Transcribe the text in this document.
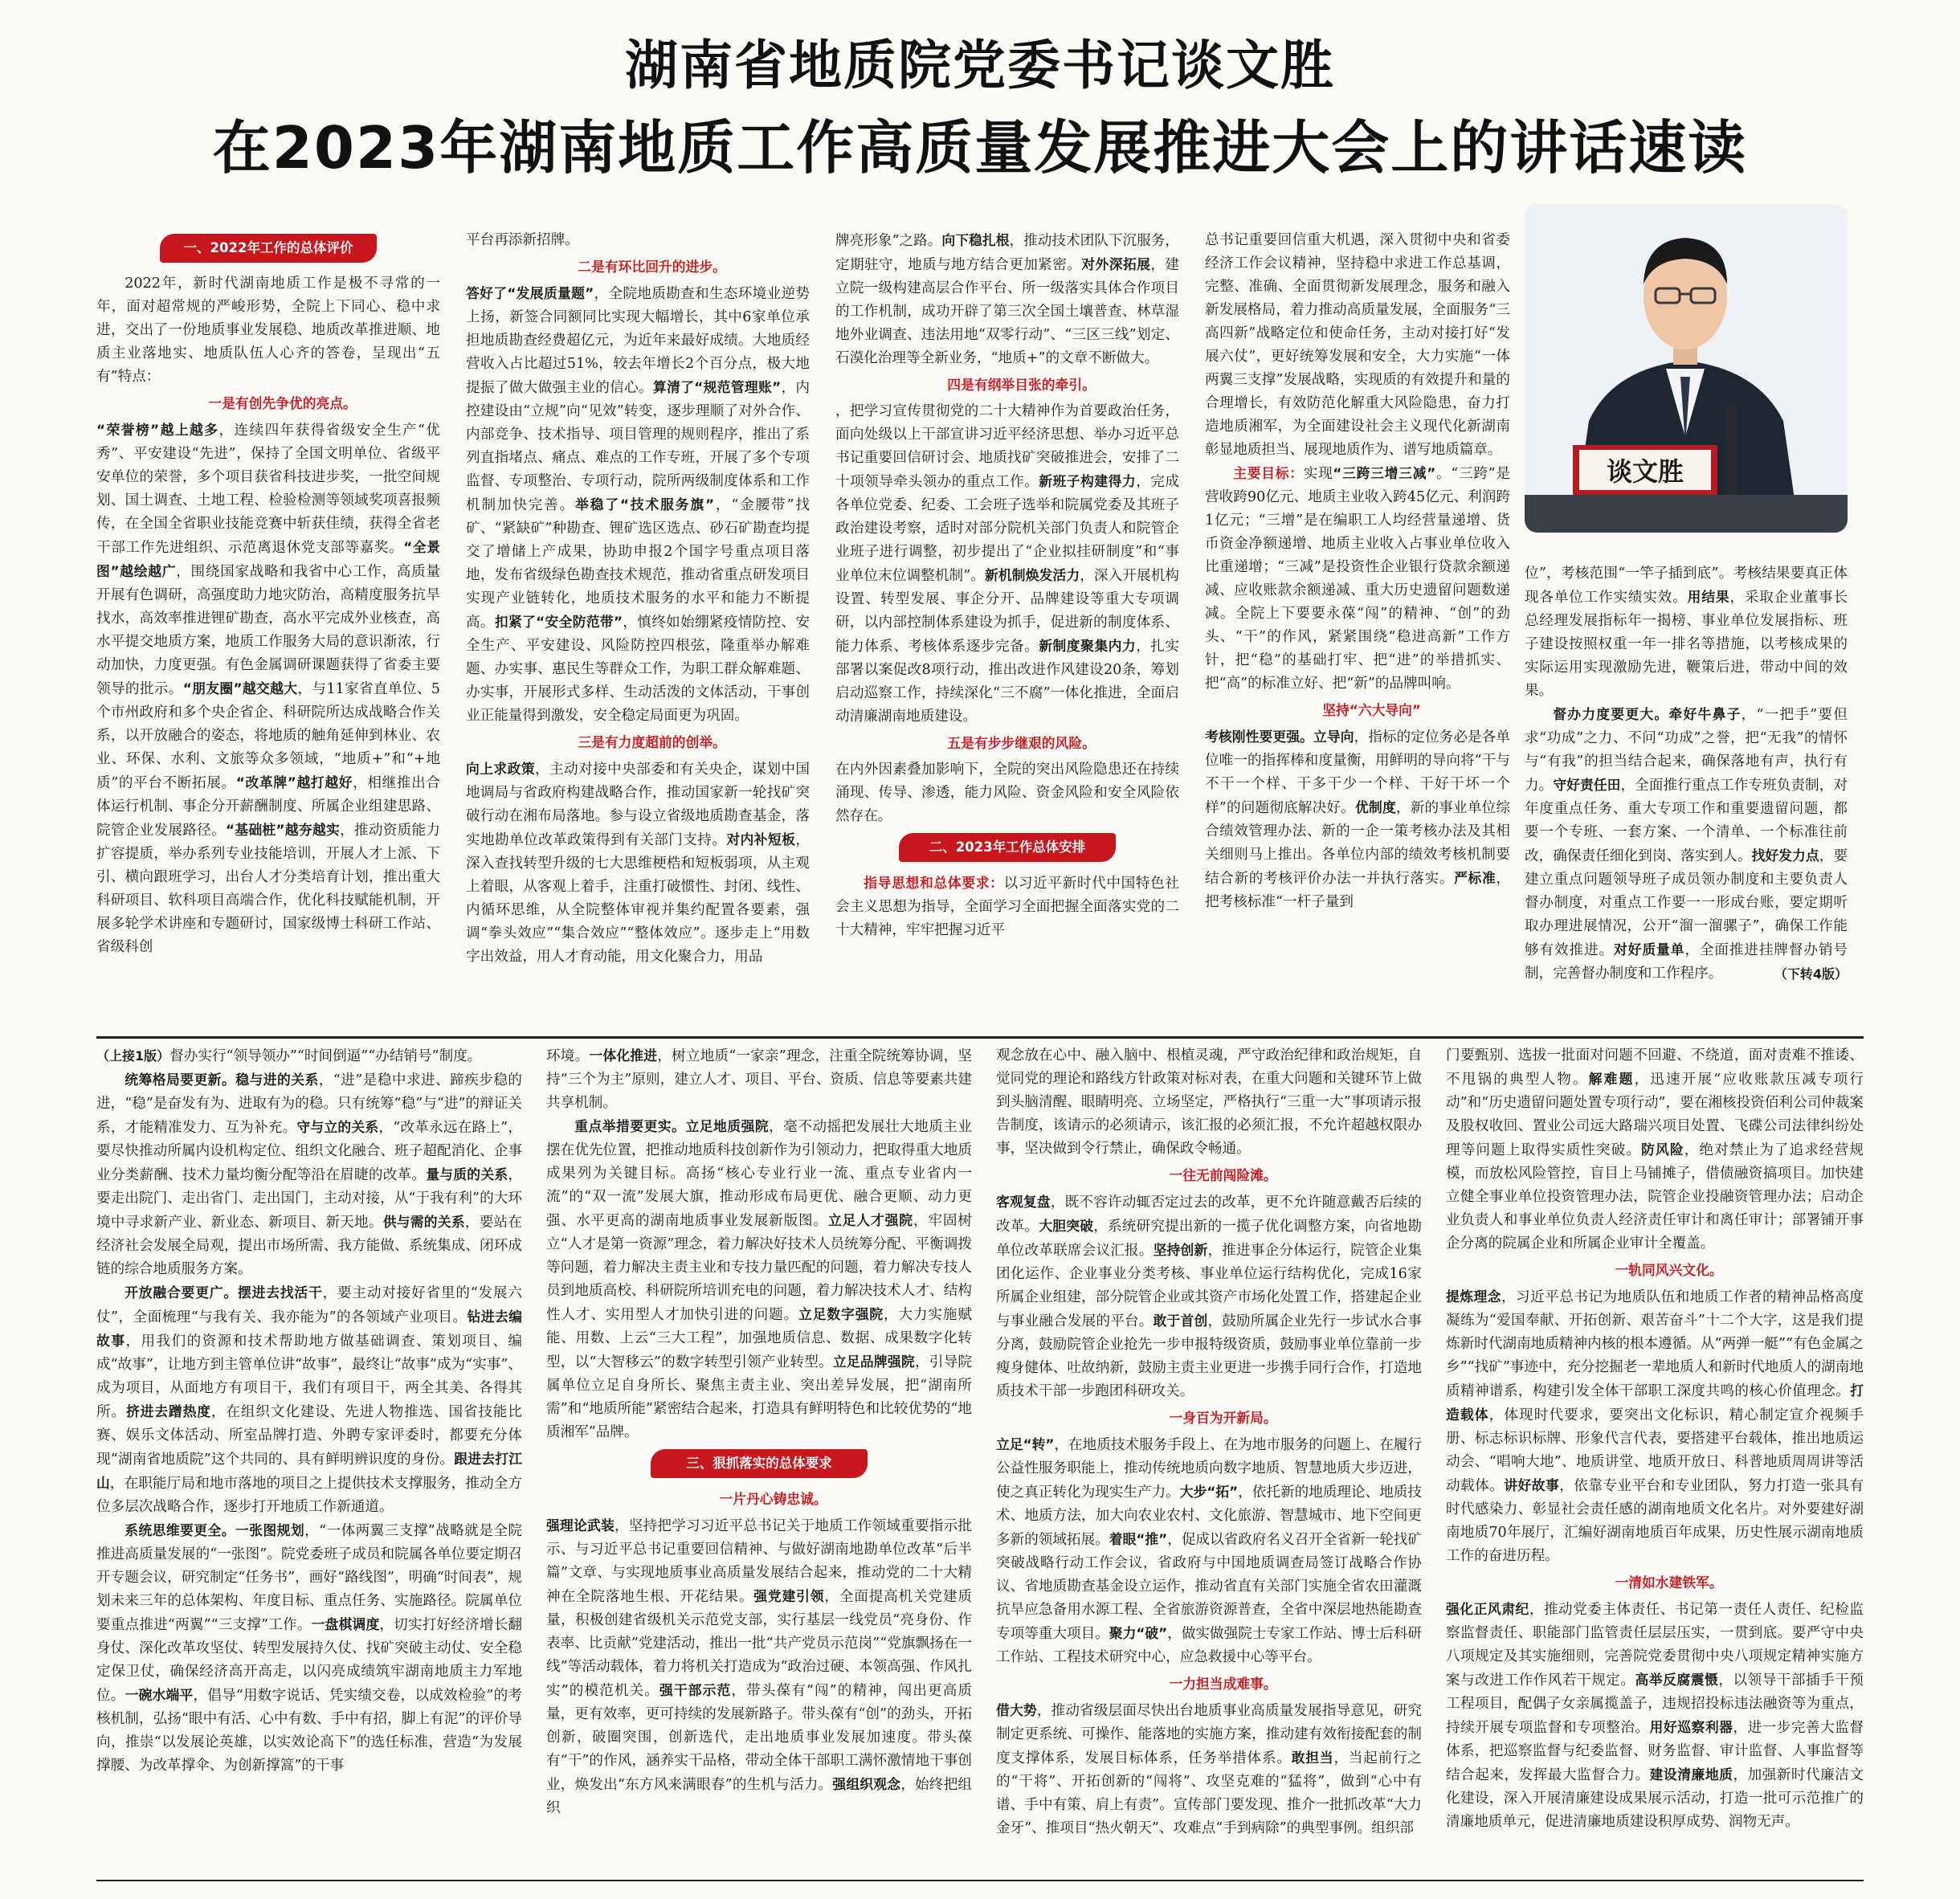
湖南省地质院党委书记谈文胜
在2023年湖南地质工作高质量发展推进大会上的讲话速读
一、2022年工作的总体评价

2022年，新时代湖南地质工作是极不寻常的一年，面对超常规的严峻形势，全院上下同心、稳中求进，交出了一份地质事业发展稳、地质改革推进顺、地质主业落地实、地质队伍人心齐的答卷，呈现出“五有”特点：

一是有创先争优的亮点。
“荣誉榜”越上越多，连续四年获得省级安全生产“优秀”、平安建设“先进”，保持了全国文明单位、省级平安单位的荣誉，多个项目获省科技进步奖，一批空间规划、国土调查、土地工程、检验检测等领域奖项喜报频传，在全国全省职业技能竞赛中斩获佳绩，获得全省老干部工作先进组织、示范离退休党支部等嘉奖。“全景图”越绘越广，围绕国家战略和我省中心工作，高质量开展有色调研，高强度助力地灾防治，高精度服务抗旱找水，高效率推进锂矿勘查，高水平完成外业核查，高水平提交地质方案，地质工作服务大局的意识渐浓，行动加快，力度更强。有色金属调研课题获得了省委主要领导的批示。“朋友圈”越交越大，与11家省直单位、5个市州政府和多个央企省企、科研院所达成战略合作关系，以开放融合的姿态，将地质的触角延伸到林业、农业、环保、水利、文旅等众多领域，“地质+”和“+地质”的平台不断拓展。“改革牌”越打越好，相继推出合体运行机制、事企分开薪酬制度、所属企业组建思路、院管企业发展路径。“基础桩”越夯越实，推动资质能力扩容提质，举办系列专业技能培训，开展人才上派、下引、横向跟班学习，出台人才分类培育计划，推出重大科研项目、软科项目高端合作，优化科技赋能机制，开展多轮学术讲座和专题研讨，国家级博士科研工作站、省级科创

平台再添新招牌。

二是有环比回升的进步。
答好了“发展质量题”，全院地质勘查和生态环境业逆势上扬，新签合同额同比实现大幅增长，其中6家单位承担地质勘查经费超亿元，为近年来最好成绩。大地质经营收入占比超过51%，较去年增长2个百分点，极大地提振了做大做强主业的信心。算清了“规范管理账”，内控建设由“立规”向“见效”转变，逐步理顺了对外合作、内部竞争、技术指导、项目管理的规则程序，推出了系列直指堵点、痛点、难点的工作专班，开展了多个专项监督、专项整治、专项行动，院所两级制度体系和工作机制加快完善。举稳了“技术服务旗”，“金腰带”找矿、“紧缺矿”种勘查、锂矿选区选点、砂石矿勘查均提交了增储上产成果，协助申报2个国字号重点项目落地，发布省级绿色勘查技术规范，推动省重点研发项目实现产业链转化，地质技术服务的水平和能力不断提高。扣紧了“安全防范带”，慎终如始绷紧疫情防控、安全生产、平安建设、风险防控四根弦，隆重举办解难题、办实事、惠民生等群众工作，为职工群众解难题、办实事，开展形式多样、生动活泼的文体活动，干事创业正能量得到激发，安全稳定局面更为巩固。

三是有力度超前的创举。
向上求政策，主动对接中央部委和有关央企，谋划中国地调局与省政府构建战略合作，推动国家新一轮找矿突破行动在湘布局落地。参与设立省级地质勘查基金，落实地勘单位改革政策得到有关部门支持。对内补短板，深入查找转型升级的七大思维梗梏和短板弱项，从主观上着眼，从客观上着手，注重打破惯性、封闭、线性、内循环思维，从全院整体审视并集约配置各要素，强调“拳头效应”“集合效应”“整体效应”。逐步走上“用数字出效益，用人才育动能，用文化聚合力，用品

牌亮形象”之路。向下稳扎根，推动技术团队下沉服务，定期驻守，地质与地方结合更加紧密。对外深拓展，建立院一级构建高层合作平台、所一级落实具体合作项目的工作机制，成功开辟了第三次全国土壤普查、林草湿地外业调查、违法用地“双零行动”、“三区三线”划定、石漠化治理等全新业务，“地质+”的文章不断做大。

四是有纲举目张的牵引。
，把学习宣传贯彻党的二十大精神作为首要政治任务，面向处级以上干部宣讲习近平经济思想、举办习近平总书记重要回信研讨会、地质找矿突破推进会，安排了二十项领导牵头领办的重点工作。新班子构建得力，完成各单位党委、纪委、工会班子选举和院属党委及其班子政治建设考察，适时对部分院机关部门负责人和院管企业班子进行调整，初步提出了“企业拟挂研制度”和“事业单位末位调整机制”。新机制焕发活力，深入开展机构设置、转型发展、事企分开、品牌建设等重大专项调研，以内部控制体系建设为抓手，促进新的制度体系、能力体系、考核体系逐步完备。新制度聚集内力，扎实部署以案促改8项行动，推出改进作风建设20条，筹划启动巡察工作，持续深化“三不腐”一体化推进，全面启动清廉湖南地质建设。

五是有步步继艰的风险。
在内外因素叠加影响下，全院的突出风险隐患还在持续涌现、传导、渗透，能力风险、资金风险和安全风险依然存在。

二、2023年工作总体安排

指导思想和总体要求：以习近平新时代中国特色社会主义思想为指导，全面学习全面把握全面落实党的二十大精神，牢牢把握习近平

总书记重要回信重大机遇，深入贯彻中央和省委经济工作会议精神，坚持稳中求进工作总基调，完整、准确、全面贯彻新发展理念，服务和融入新发展格局，着力推动高质量发展，全面服务“三高四新”战略定位和使命任务，主动对接打好“发展六仗”，更好统筹发展和安全，大力实施“一体两翼三支撑”发展战略，实现质的有效提升和量的合理增长，有效防范化解重大风险隐患，奋力打造地质湘军，为全面建设社会主义现代化新湖南彰显地质担当、展现地质作为、谱写地质篇章。

主要目标：实现“三跨三增三减”。“三跨”是营收跨90亿元、地质主业收入跨45亿元、利润跨1亿元；“三增”是在编职工人均经营量递增、货币资金净额递增、地质主业收入占事业单位收入比重递增；“三减”是投资性企业银行贷款余额递减、应收账款余额递减、重大历史遗留问题数递减。全院上下要要永葆“闯”的精神、“创”的劲头、“干”的作风，紧紧围绕“稳进高新”工作方针，把“稳”的基础打牢、把“进”的举措抓实、把“高”的标准立好、把“新”的品牌叫响。

坚持“六大导向”
考核刚性要更强。立导向，指标的定位务必是各单位唯一的指挥棒和度量衡，用鲜明的导向将“干与不干一个样、干多干少一个样、干好干坏一个样”的问题彻底解决好。优制度，新的事业单位综合绩效管理办法、新的一企一策考核办法及其相关细则马上推出。各单位内部的绩效考核机制要结合新的考核评价办法一并执行落实。严标准，把考核标准“一杆子量到

谈文胜

位”，考核范围“一竿子插到底”。考核结果要真正体现各单位工作实绩实效。用结果，采取企业董事长总经理发展指标年一揭榜、事业单位发展指标、班子建设按照权重一年一排名等措施，以考核成果的实际运用实现激励先进，鞭策后进，带动中间的效果。

督办力度要更大。牵好牛鼻子，“一把手”要但求“功成”之力、不问“功成”之誉，把“无我”的情怀与“有我”的担当结合起来，确保落地有声，执行有力。守好责任田，全面推行重点工作专班负责制，对年度重点任务、重大专项工作和重要遗留问题，都要一个专班、一套方案、一个清单、一个标准往前改，确保责任细化到岗、落实到人。找好发力点，要建立重点问题领导班子成员领办制度和主要负责人督办制度，对重点工作要一一形成台账，要定期听取办理进展情况，公开“溜一溜骡子”，确保工作能够有效推进。对好质量单，全面推进挂牌督办销号制，完善督办制度和工作程序。	（下转4版）

（上接1版）督办实行“领导领办”“时间倒逼”“办结销号”制度。

统筹格局要更新。稳与进的关系，“进”是稳中求进、蹄疾步稳的进，“稳”是奋发有为、进取有为的稳。只有统筹“稳”与“进”的辩证关系，才能精准发力、互为补充。守与立的关系，“改革永远在路上”，要尽快推动所属内设机构定位、组织文化融合、班子超配消化、企事业分类薪酬、技术力量均衡分配等沿在眉睫的改革。量与质的关系，要走出院门、走出省门、走出国门，主动对接，从“于我有利”的大环境中寻求新产业、新业态、新项目、新天地。供与需的关系，要站在经济社会发展全局观，提出市场所需、我方能做、系统集成、闭环成链的综合地质服务方案。

开放融合要更广。摆进去找活干，要主动对接好省里的“发展六仗”，全面梳理“与我有关、我亦能为”的各领域产业项目。钻进去编故事，用我们的资源和技术帮助地方做基础调查、策划项目、编成“故事”，让地方到主管单位讲“故事”，最终让“故事”成为“实事”、成为项目，从面地方有项目干，我们有项目干，两全其美、各得其所。挤进去蹭热度，在组织文化建设、先进人物推选、国省技能比赛、娱乐文体活动、所室品牌打造、外聘专家评委时，都要充分体现“湖南省地质院”这个共同的、具有鲜明辨识度的身份。跟进去打江山，在职能厅局和地市落地的项目之上提供技术支撑服务，推动全方位多层次战略合作，逐步打开地质工作新通道。

系统思维要更全。一张图规划，“一体两翼三支撑”战略就是全院推进高质量发展的“一张图”。院党委班子成员和院属各单位要定期召开专题会议，研究制定“任务书”，画好“路线图”，明确“时间表”，规划未来三年的总体架构、年度目标、重点任务、实施路径。院属单位要重点推进“两翼”“三支撑”工作。一盘棋调度，切实打好经济增长翻身仗、深化改革攻坚仗、转型发展持久仗、找矿突破主动仗、安全稳定保卫仗，确保经济高开高走，以闪亮成绩筑牢湖南地质主力军地位。一碗水端平，倡导“用数字说话、凭实绩交卷，以成效检验”的考核机制，弘扬“眼中有活、心中有数、手中有招，脚上有泥”的评价导向，推崇“以发展论英雄，以实效论高下”的选任标准，营造“为发展撑腰、为改革撑伞、为创新撑篙”的干事

环境。一体化推进，树立地质“一家亲”理念，注重全院统筹协调，坚持“三个为主”原则，建立人才、项目、平台、资质、信息等要素共建共享机制。

重点举措要更实。立足地质强院，毫不动摇把发展壮大地质主业摆在优先位置，把推动地质科技创新作为引领动力，把取得重大地质成果列为关键目标。高扬“核心专业行业一流、重点专业省内一流”的“双一流”发展大旗，推动形成布局更优、融合更顺、动力更强、水平更高的湖南地质事业发展新版图。立足人才强院，牢固树立“人才是第一资源”理念，着力解决好技术人员统筹分配、平衡调拨等问题，着力解决主责主业和专技力量匹配的问题，着力解决专技人员到地质高校、科研院所培训充电的问题，着力解决技术人才、结构性人才、实用型人才加快引进的问题。立足数字强院，大力实施赋能、用数、上云“三大工程”，加强地质信息、数据、成果数字化转型，以“大智移云”的数字转型引领产业转型。立足品牌强院，引导院属单位立足自身所长、聚焦主责主业、突出差异发展，把“湖南所需”和“地质所能”紧密结合起来，打造具有鲜明特色和比较优势的“地质湘军”品牌。

三、狠抓落实的总体要求

一片丹心铸忠诚。
强理论武装，坚持把学习习近平总书记关于地质工作领域重要指示批示、与习近平总书记重要回信精神、与做好湖南地勘单位改革“后半篇”文章、与实现地质事业高质量发展结合起来，推动党的二十大精神在全院落地生根、开花结果。强党建引领，全面提高机关党建质量，积极创建省级机关示范党支部，实行基层一线党员“亮身份、作表率、比贡献”党建活动，推出一批“共产党员示范岗”“党旗飘扬在一线”等活动载体，着力将机关打造成为“政治过硬、本领高强、作风扎实”的模范机关。强干部示范，带头葆有“闯”的精神，闯出更高质量，更有效率，更可持续的发展新路子。带头葆有“创”的劲头，开拓创新，破圈突围，创新选代，走出地质事业发展加速度。带头葆有“干”的作风，涵养实干品格，带动全体干部职工满怀激情地干事创业，焕发出“东方风来满眼春”的生机与活力。强组织观念，始终把组织

观念放在心中、融入脑中、根植灵魂，严守政治纪律和政治规矩，自觉同党的理论和路线方针政策对标对表，在重大问题和关键环节上做到头脑清醒、眼睛明亮、立场坚定，严格执行“三重一大”事项请示报告制度，该请示的必须请示，该汇报的必须汇报，不允许超越权限办事，坚决做到令行禁止，确保政令畅通。

一往无前闯险滩。
客观复盘，既不容许动辄否定过去的改革，更不允许随意戴否后续的改革。大胆突破，系统研究提出新的一揽子优化调整方案，向省地勘单位改革联席会议汇报。坚持创新，推进事企分体运行，院管企业集团化运作、企业事业分类考核、事业单位运行结构优化，完成16家所属企业组建，部分院管企业或其资产市场化处置工作，搭建起企业与事业融合发展的平台。敢于首创，鼓励所属企业先行一步试水合事分离，鼓励院管企业抢先一步申报特级资质，鼓励事业单位靠前一步瘦身健体、吐故纳新，鼓励主责主业更进一步携手同行合作，打造地质技术干部一步跑团科研攻关。

一身百为开新局。
立足“转”，在地质技术服务手段上、在为地市服务的问题上、在履行公益性服务职能上，推动传统地质向数字地质、智慧地质大步迈进，使之真正转化为现实生产力。大步“拓”，依托新的地质理论、地质技术、地质方法，加大向农业农村、文化旅游、智慧城市、地下空间更多新的领域拓展。着眼“推”，促成以省政府名义召开全省新一轮找矿突破战略行动工作会议，省政府与中国地质调查局签订战略合作协议、省地质勘查基金设立运作，推动省直有关部门实施全省农田灌溉抗旱应急备用水源工程、全省旅游资源普查，全省中深层地热能勘查专项等重大项目。聚力“破”，做实做强院士专家工作站、博士后科研工作站、工程技术研究中心，应急救援中心等平台。

一力担当成难事。
借大势，推动省级层面尽快出台地质事业高质量发展指导意见，研究制定更系统、可操作、能落地的实施方案，推动建有效衔接配套的制度支撑体系，发展目标体系，任务举措体系。敢担当，当起前行之的“干将”、开拓创新的“闯将”、攻坚克难的“猛将”，做到“心中有谱、手中有策、肩上有责”。宣传部门要发现、推介一批抓改革“大力金牙”、推项目“热火朝天”、攻难点“手到病除”的典型事例。组织部

门要甄别、选拔一批面对问题不回避、不绕道，面对责难不推诿、不甩锅的典型人物。解难题，迅速开展“应收账款压减专项行动”和“历史遗留问题处置专项行动”，要在湘核投资佰利公司仲裁案及股权收回、置业公司远大路瑞兴项目处置、飞碟公司法律纠纷处理等问题上取得实质性突破。防风险，绝对禁止为了追求经营规模，而放松风险管控，盲目上马铺摊子，借债融资搞项目。加快建立健全事业单位投资管理办法，院管企业投融资管理办法；启动企业负责人和事业单位负责人经济责任审计和离任审计；部署铺开事企分离的院属企业和所属企业审计全覆盖。

一轨同风兴文化。
提炼理念，习近平总书记为地质队伍和地质工作者的精神品格高度凝练为“爱国奉献、开拓创新、艰苦奋斗”十二个大字，这是我们提炼新时代湖南地质精神内核的根本遵循。从“两弹一艇”“有色金属之乡”“找矿”事迹中，充分挖掘老一辈地质人和新时代地质人的湖南地质精神谱系，构建引发全体干部职工深度共鸣的核心价值理念。打造载体，体现时代要求，要突出文化标识，精心制定宣介视频手册、标志标识标牌、形象代言代表，要搭建平台载体，推出地质运动会、“唱响大地”、地质讲堂、地质开放日、科普地质周周讲等活动载体。讲好故事，依靠专业平台和专业团队，努力打造一张具有时代感染力、彰显社会责任感的湖南地质文化名片。对外要建好湖南地质70年展厅，汇编好湖南地质百年成果，历史性展示湖南地质工作的奋进历程。

一清如水建铁军。
强化正风肃纪，推动党委主体责任、书记第一责任人责任、纪检监察监督责任、职能部门监管责任层层压实，一贯到底。要严守中央八项规定及其实施细则，完善院党委贯彻中央八项规定精神实施方案与改进工作作风若干规定。高举反腐震慑，以领导干部插手干预工程项目，配偶子女亲属揽盖子，违规招投标违法融资等为重点，持续开展专项监督和专项整治。用好巡察利器，进一步完善大监督体系，把巡察监督与纪委监督、财务监督、审计监督、人事监督等结合起来，发挥最大监督合力。建设清廉地质，加强新时代廉洁文化建设，深入开展清廉建设成果展示活动，打造一批可示范推广的清廉地质单元，促进清廉地质建设积厚成势、润物无声。
